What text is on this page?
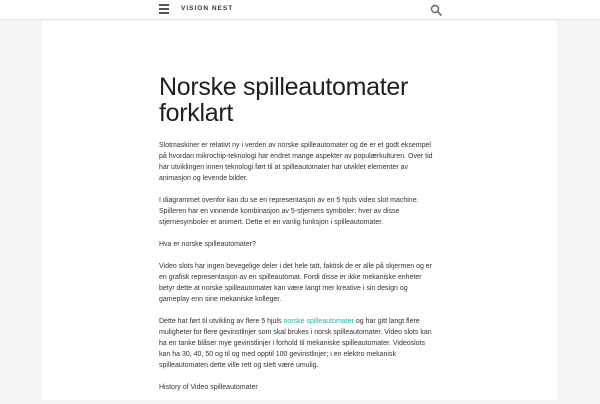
VISION NEST
Norske spilleautomater forklart

Slotmaskiner er relativt ny i verden av norske spilleautomater og de er et godt eksempel på hvordan mikrochip-teknologi har endret mange aspekter av populærkulturen. Over tid har utviklingen innen teknologi ført til at spilleautomater har utviklet elementer av animasjon og levende bilder.

I diagrammet ovenfor kan du se en representasjon av en 5 hjuls video slot machine. Spilleren har en vinnende kombinasjon av 5-stjerners symboler; hver av disse stjernesymboler er animert. Dette er en vanlig funksjon i spilleautomater.

Hva er norske spilleautomater?

Video slots har ingen bevegelige deler i det hele tatt, faktisk de er alle på skjermen og er en grafisk representasjon av en spilleautomat. Fordi disse er ikke mekaniske enheter betyr dette at norske spilleautomater kan være langt mer kreative i sin design og gameplay enn sine mekaniske kolleger.

Dette har ført til utvikling av flere 5 hjuls norske spilleautomater og har gitt langt flere muligheter for flere gevinstlinjer som skal brukes i norsk spilleautomater. Video slots kan ha en tanke blåser mye gevinstlinjer i forhold til mekaniske spilleautomater. Videoslots kan ha 30, 40, 50 og til og med opptil 100 gevinstlinjer; i en elektro mekanisk spilleautomaten dette ville rett og slett være umulig.

History of Video spilleautomater
